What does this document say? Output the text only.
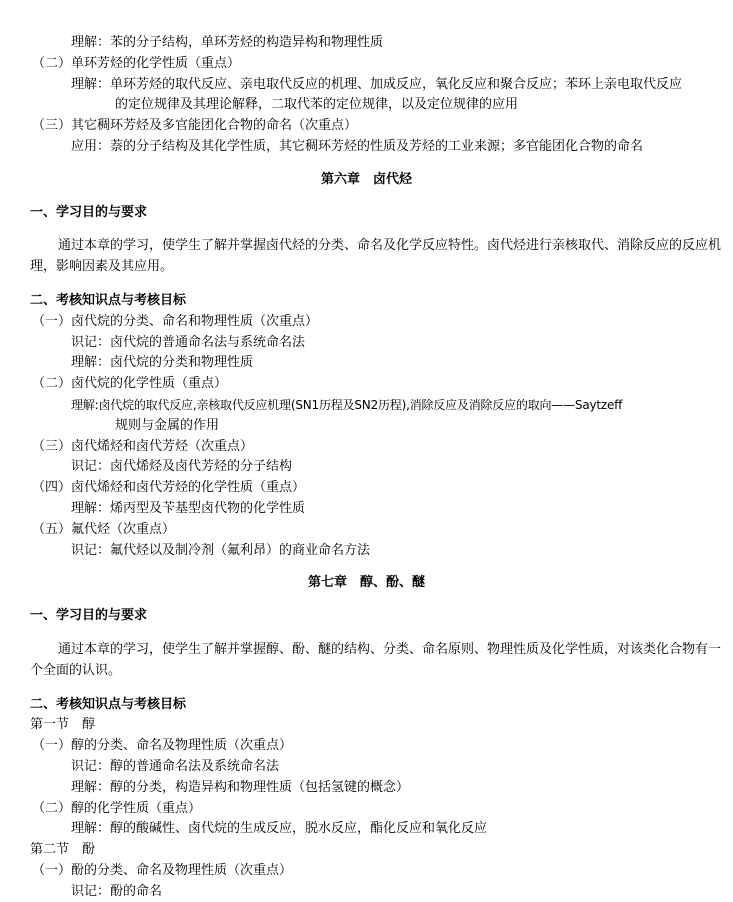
理解：苯的分子结构，单环芳烃的构造异构和物理性质

（二）单环芳烃的化学性质（重点）

理解：单环芳烃的取代反应、亲电取代反应的机理、加成反应，氧化反应和聚合反应；苯环上亲电取代反应

的定位规律及其理论解释，二取代苯的定位规律，以及定位规律的应用

（三）其它稠环芳烃及多官能团化合物的命名（次重点）

应用：萘的分子结构及其化学性质，其它稠环芳烃的性质及芳烃的工业来源；多官能团化合物的命名

第六章　卤代烃

一、学习目的与要求

通过本章的学习，使学生了解并掌握卤代烃的分类、命名及化学反应特性。卤代烃进行亲核取代、消除反应的反应机理，影响因素及其应用。

二、考核知识点与考核目标

（一）卤代烷的分类、命名和物理性质（次重点）

识记：卤代烷的普通命名法与系统命名法

理解：卤代烷的分类和物理性质

（二）卤代烷的化学性质（重点）

理解:卤代烷的取代反应,亲核取代反应机理(SN1历程及SN2历程),消除反应及消除反应的取向——Saytzeff

规则与金属的作用

（三）卤代烯烃和卤代芳烃（次重点）

识记：卤代烯烃及卤代芳烃的分子结构

（四）卤代烯烃和卤代芳烃的化学性质（重点）

理解：烯丙型及苄基型卤代物的化学性质

（五）氟代烃（次重点）

识记：氟代烃以及制冷剂（氟利昂）的商业命名方法

第七章　醇、酚、醚

一、学习目的与要求

通过本章的学习，使学生了解并掌握醇、酚、醚的结构、分类、命名原则、物理性质及化学性质，对该类化合物有一个全面的认识。

二、考核知识点与考核目标

第一节　醇

（一）醇的分类、命名及物理性质（次重点）

识记：醇的普通命名法及系统命名法

理解：醇的分类，构造异构和物理性质（包括氢键的概念）

（二）醇的化学性质（重点）

理解：醇的酸碱性、卤代烷的生成反应，脱水反应，酯化反应和氧化反应

第二节　酚

（一）酚的分类、命名及物理性质（次重点）

识记：酚的命名
